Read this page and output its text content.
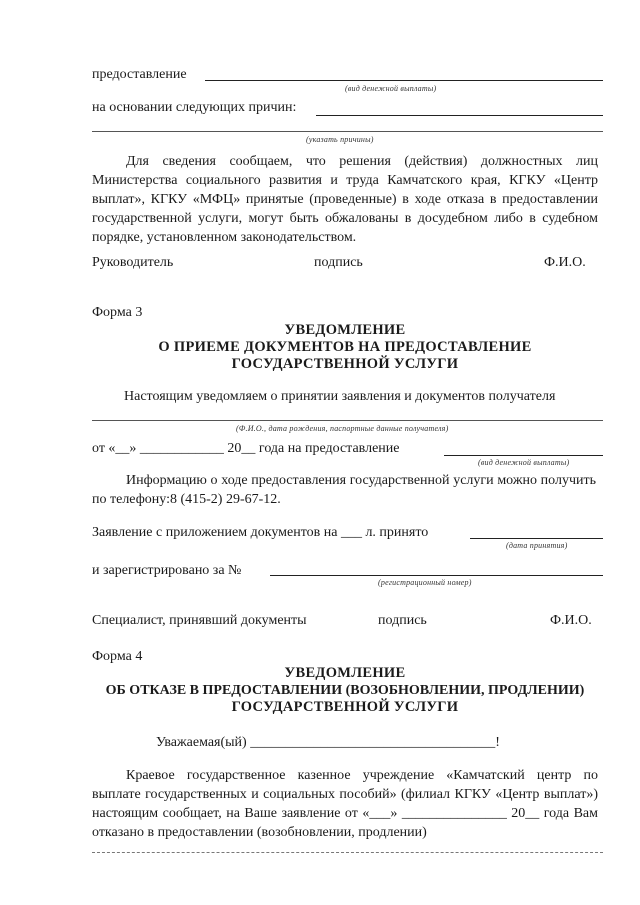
предоставление
(вид денежной выплаты)
на основании следующих причин:
(указать причины)
Для сведения сообщаем, что решения (действия) должностных лиц Министерства социального развития и труда Камчатского края, КГКУ «Центр выплат», КГКУ «МФЦ» принятые (проведенные) в ходе отказа в предоставлении государственной услуги, могут быть обжалованы в досудебном либо в судебном порядке, установленном законодательством.
Руководитель	подпись	Ф.И.О.
Форма 3
УВЕДОМЛЕНИЕ
О ПРИЕМЕ ДОКУМЕНТОВ НА ПРЕДОСТАВЛЕНИЕ
ГОСУДАРСТВЕННОЙ УСЛУГИ
Настоящим уведомляем о принятии заявления и документов получателя
(Ф.И.О., дата рождения, паспортные данные получателя)
от «__» ____________ 20__ года на предоставление
(вид денежной выплаты)
Информацию о ходе предоставления государственной услуги можно получить по телефону:8 (415-2) 29-67-12.
Заявление с приложением документов на ___ л. принято
(дата принятия)
и зарегистрировано за №
(регистрационный номер)
Специалист, принявший документы	подпись	Ф.И.О.
Форма 4
УВЕДОМЛЕНИЕ
ОБ ОТКАЗЕ В ПРЕДОСТАВЛЕНИИ (ВОЗОБНОВЛЕНИИ, ПРОДЛЕНИИ)
ГОСУДАРСТВЕННОЙ УСЛУГИ
Уважаемая(ый) ___________________________________!
Краевое государственное казенное учреждение «Камчатский центр по выплате государственных и социальных пособий» (филиал КГКУ «Центр выплат») настоящим сообщает, на Ваше заявление от «___» _______________ 20__ года Вам отказано в предоставлении (возобновлении, продлении)
